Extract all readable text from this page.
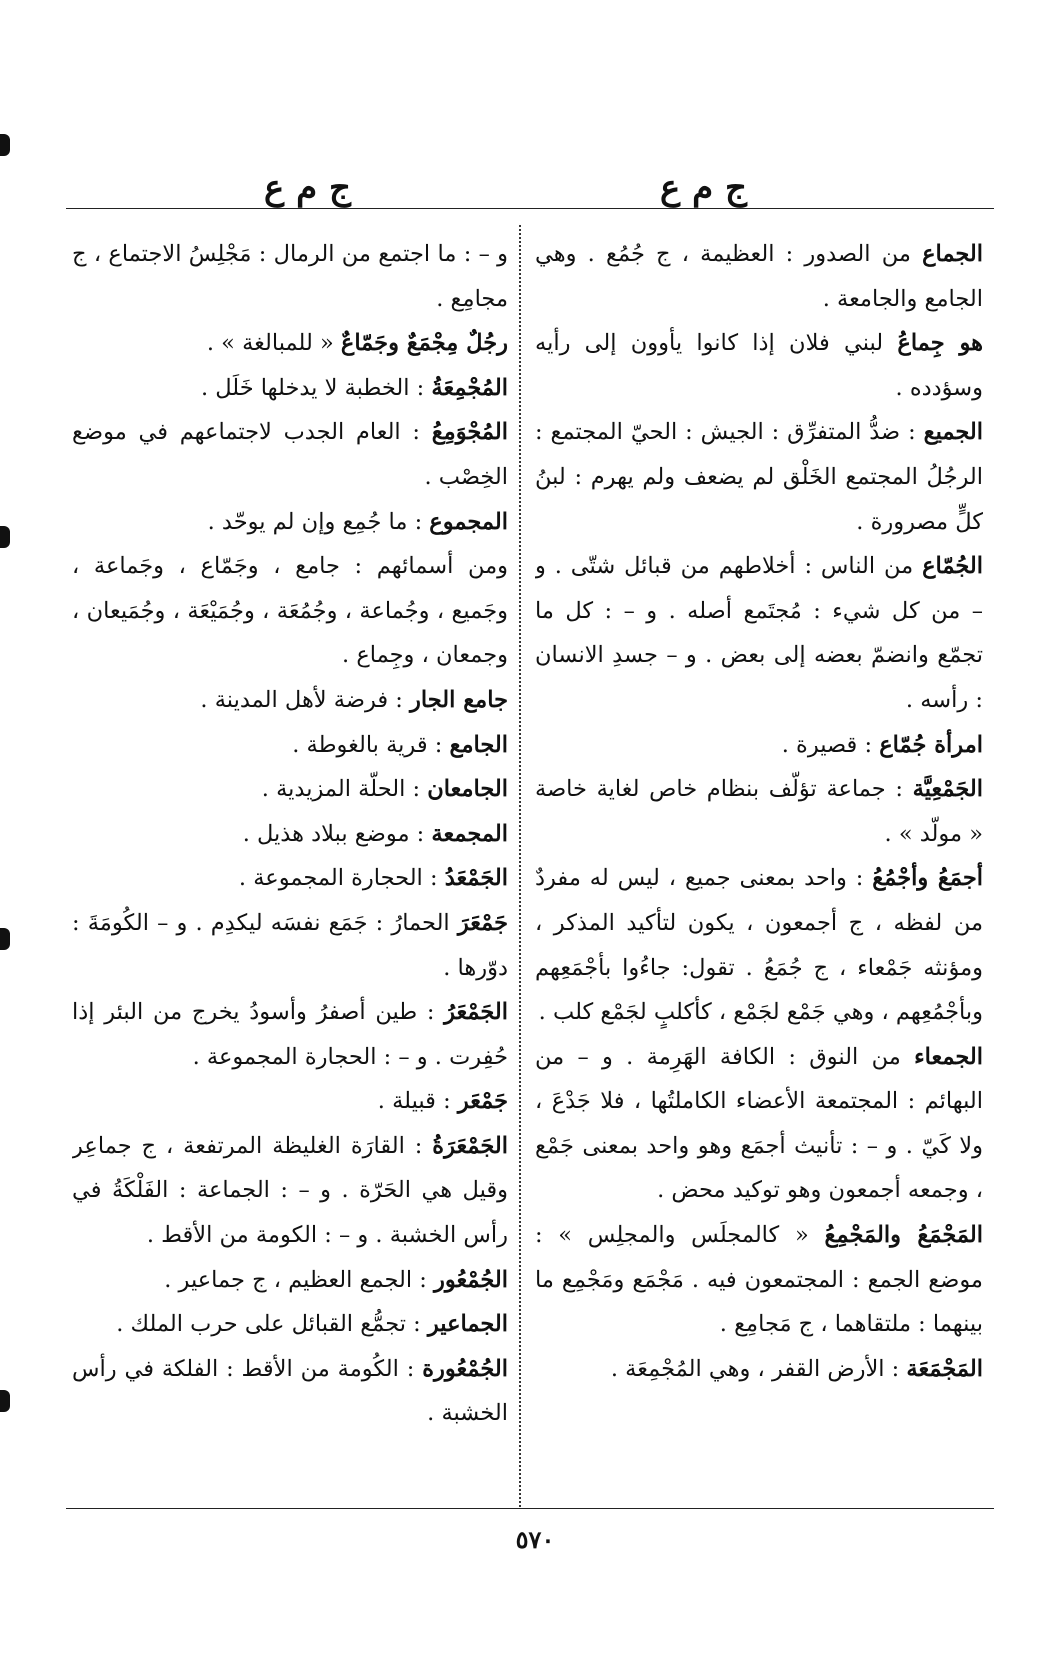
ج م ع
ج م ع

الجماع من الصدور : العظيمة ، ج جُمُع . وهي الجامع والجامعة .

هو جِماعُ لبني فلان إذا كانوا يأوون إلى رأيه وسؤدده .

الجميع : ضدُّ المتفرِّق : الجيش : الحيّ المجتمع : الرجُلُ المجتمع الخَلْق لم يضعف ولم يهرم : لبنُ كلٍّ مصرورة .

الجُمّاع من الناس : أخلاطهم من قبائل شتّى . و – من كل شيء : مُجتَمع أصله . و – : كل ما تجمّع وانضمّ بعضه إلى بعض . و – جسدِ الانسان : رأسه .

امرأة جُمّاع : قصيرة .

الجَمْعِيَّة : جماعة تؤلّف بنظام خاص لغاية خاصة « مولّد » .

أجمَعُ وأجْمُعُ : واحد بمعنى جميع ، ليس له مفردٌ من لفظه ، ج أجمعون ، يكون لتأكيد المذكر ، ومؤنثه جَمْعاء ، ج جُمَعُ . تقول: جاءُوا بأجْمَعِهم وبأجْمُعِهم ، وهي جَمْع لجَمْع ، كأكلبٍ لجَمْع كلب .

الجمعاء من النوق : الكافة الهَرِمة . و – من البهائم : المجتمعة الأعضاء الكاملتُها ، فلا جَدْعَ ، ولا كَيّ . و – : تأنيث أجمَع وهو واحد بمعنى جَمْع ، وجمعه أجمعون وهو توكيد محض .

المَجْمَعُ والمَجْمِعُ « كالمجلَس والمجلِس » : موضع الجمع : المجتمعون فيه . مَجْمَع ومَجْمِع ما بينهما : ملتقاهما ، ج مَجامِع .

المَجْمَعَة : الأرض القفر ، وهي المُجْمِعَة .

و – : ما اجتمع من الرمال : مَجْلِسُ الاجتماع ، ج مجامِع .

رجُلٌ مِجْمَعٌ وجَمّاعٌ « للمبالغة » .

المُجْمِعَةُ : الخطبة لا يدخلها خَلَل .

المُجْوَمِعُ : العام الجدب لاجتماعهم في موضع الخِصْب .

المجموع : ما جُمِع وإن لم يوحّد .

ومن أسمائهم : جامع ، وجَمّاع ، وجَماعة ، وجَميع ، وجُماعة ، وجُمُعَة ، وجُمَيْعَة ، وجُمَيعان ، وجمعان ، وجِماع .

جامع الجار : فرضة لأهل المدينة .

الجامع : قرية بالغوطة .

الجامعان : الحلّة المزيدية .

المجمعة : موضع ببلاد هذيل .

الجَمْعَدُ : الحجارة المجموعة .

جَمْعَرَ الحمارُ : جَمَع نفسَه ليكدِم . و – الكُومَةَ : دوّرها .

الجَمْعَرُ : طين أصفرُ وأسودُ يخرج من البئر إذا حُفِرت . و – : الحجارة المجموعة .

جَمْعَر : قبيلة .

الجَمْعَرَةُ : القارَة الغليظة المرتفعة ، ج جماعِر وقيل هي الحَرّة . و – : الجماعة : الفَلْكَةُ في رأس الخشبة . و – : الكومة من الأقط .

الجُمْعُور : الجمع العظيم ، ج جماعير .

الجماعير : تجمُّع القبائل على حرب الملك .

الجُمْعُورة : الكُومة من الأقط : الفلكة في رأس الخشبة .

٥٧٠
